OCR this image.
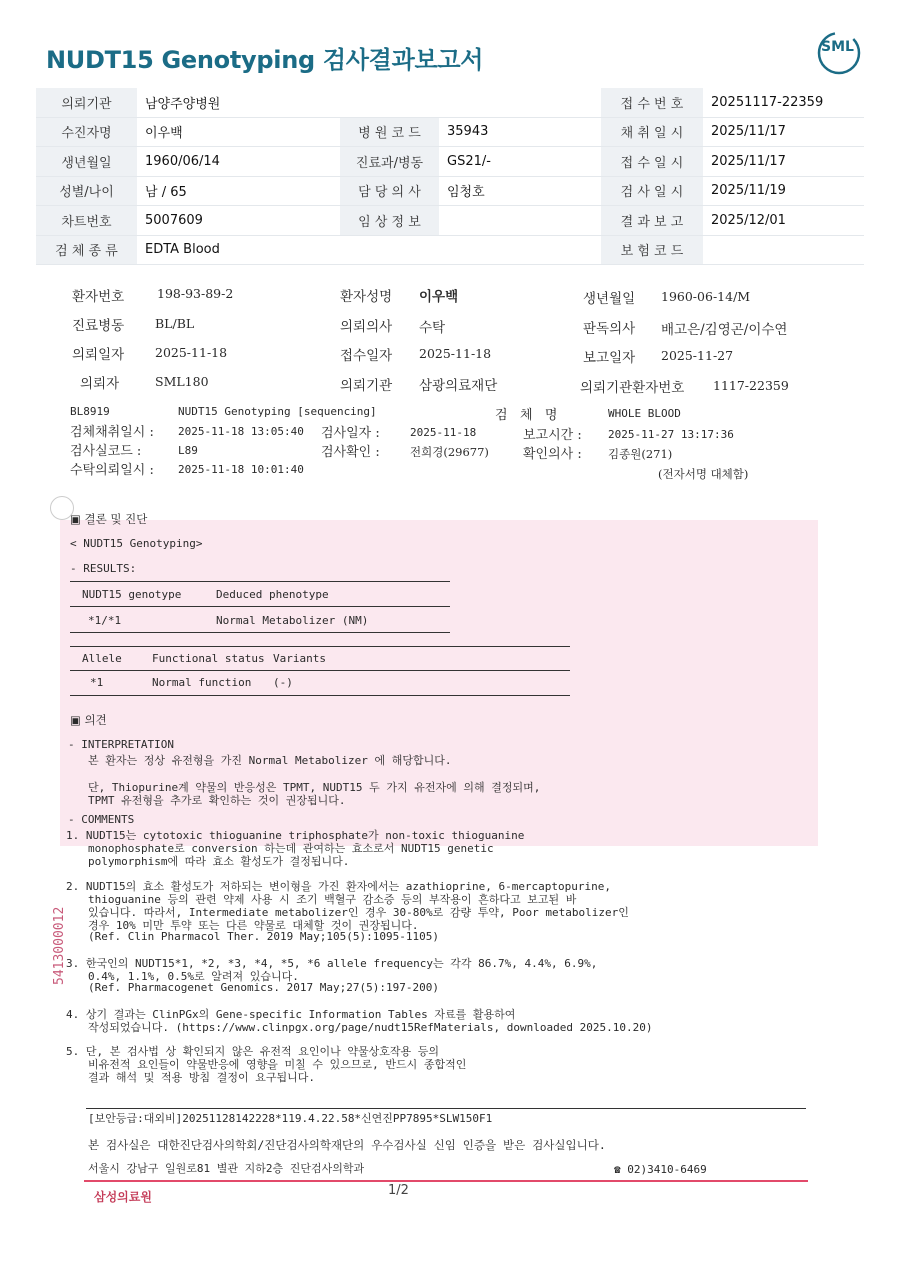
NUDT15 Genotyping 검사결과보고서	SML
의뢰기관	남양주양병원			접 수 번 호	20251117-22359
수진자명	이우백	병 원 코 드	35943	채 취 일 시	2025/11/17
생년월일	1960/06/14	진료과/병동	GS21/-	접 수 일 시	2025/11/17
성별/나이	남 / 65	담 당 의 사	임청호	검 사 일 시	2025/11/19
차트번호	5007609	임 상 정 보		결 과 보 고	2025/12/01
검 체 종 류	EDTA Blood			보 험 코 드	
환자번호	198-93-89-2	환자성명 이우백	생년월일 1960-06-14/M
진료병동 BL/BL	의뢰의사 수탁	판독의사 배고은/김영곤/이수연
의뢰일자 2025-11-18	접수일자 2025-11-18	보고일자 2025-11-27
의뢰자	SML180	의뢰기관 삼광의료재단	의뢰기관환자번호 1117-22359
BL8919	NUDT15 Genotyping [sequencing]	검   체   명	WHOLE BLOOD
검체채취일시 : 2025-11-18 13:05:40 검사일자 :	2025-11-18	보고시간 : 2025-11-27 13:17:36
검사실코드 :	L89	검사확인 :	전희경(29677)	확인의사 : 김종원(271)
수탁의뢰일시 : 2025-11-18 10:01:40	(전자서명 대체함)
▣ 결론 및 진단
< NUDT15 Genotyping>
- RESULTS:
NUDT15 genotype	Deduced phenotype
*1/*1	Normal Metabolizer (NM)
Allele	Functional status Variants
*1	Normal function (-)
▣ 의견
- INTERPRETATION
본 환자는 정상 유전형을 가진 Normal Metabolizer 에 해당합니다.
단, Thiopurine계 약물의 반응성은 TPMT, NUDT15 두 가지 유전자에 의해 결정되며,
TPMT 유전형을 추가로 확인하는 것이 권장됩니다.
- COMMENTS
1. NUDT15는 cytotoxic thioguanine triphosphate가 non-toxic thioguanine
monophosphate로 conversion 하는데 관여하는 효소로서 NUDT15 genetic
polymorphism에 따라 효소 활성도가 결정됩니다.
2. NUDT15의 효소 활성도가 저하되는 변이형을 가진 환자에서는 azathioprine, 6-mercaptopurine,
thioguanine 등의 관련 약제 사용 시 조기 백혈구 감소증 등의 부작용이 흔하다고 보고된 바
있습니다. 따라서, Intermediate metabolizer인 경우 30-80%로 감량 투약, Poor metabolizer인
경우 10% 미만 투약 또는 다른 약물로 대체할 것이 권장됩니다.
(Ref. Clin Pharmacol Ther. 2019 May;105(5):1095-1105)
3. 한국인의 NUDT15*1, *2, *3, *4, *5, *6 allele frequency는 각각 86.7%, 4.4%, 6.9%,
0.4%, 1.1%, 0.5%로 알려져 있습니다.
(Ref. Pharmacogenet Genomics. 2017 May;27(5):197-200)
4. 상기 결과는 ClinPGx의 Gene-specific Information Tables 자료를 활용하여
작성되었습니다. (https://www.clinpgx.org/page/nudt15RefMaterials, downloaded 2025.10.20)
5. 단, 본 검사법 상 확인되지 않은 유전적 요인이나 약물상호작용 등의
비유전적 요인들이 약물반응에 영향을 미칠 수 있으므로, 반드시 종합적인
결과 해석 및 적용 방침 결정이 요구됩니다.
5413000012
[보안등급:대외비]20251128142228*119.4.22.58*신연진PP7895*SLW150F1
본 검사실은 대한진단검사의학회/진단검사의학재단의 우수검사실 신임 인증을 받은 검사실입니다.
서울시 강남구 일원로81 별관 지하2층 진단검사의학과	☎ 02)3410-6469
삼성의료원	1/2
